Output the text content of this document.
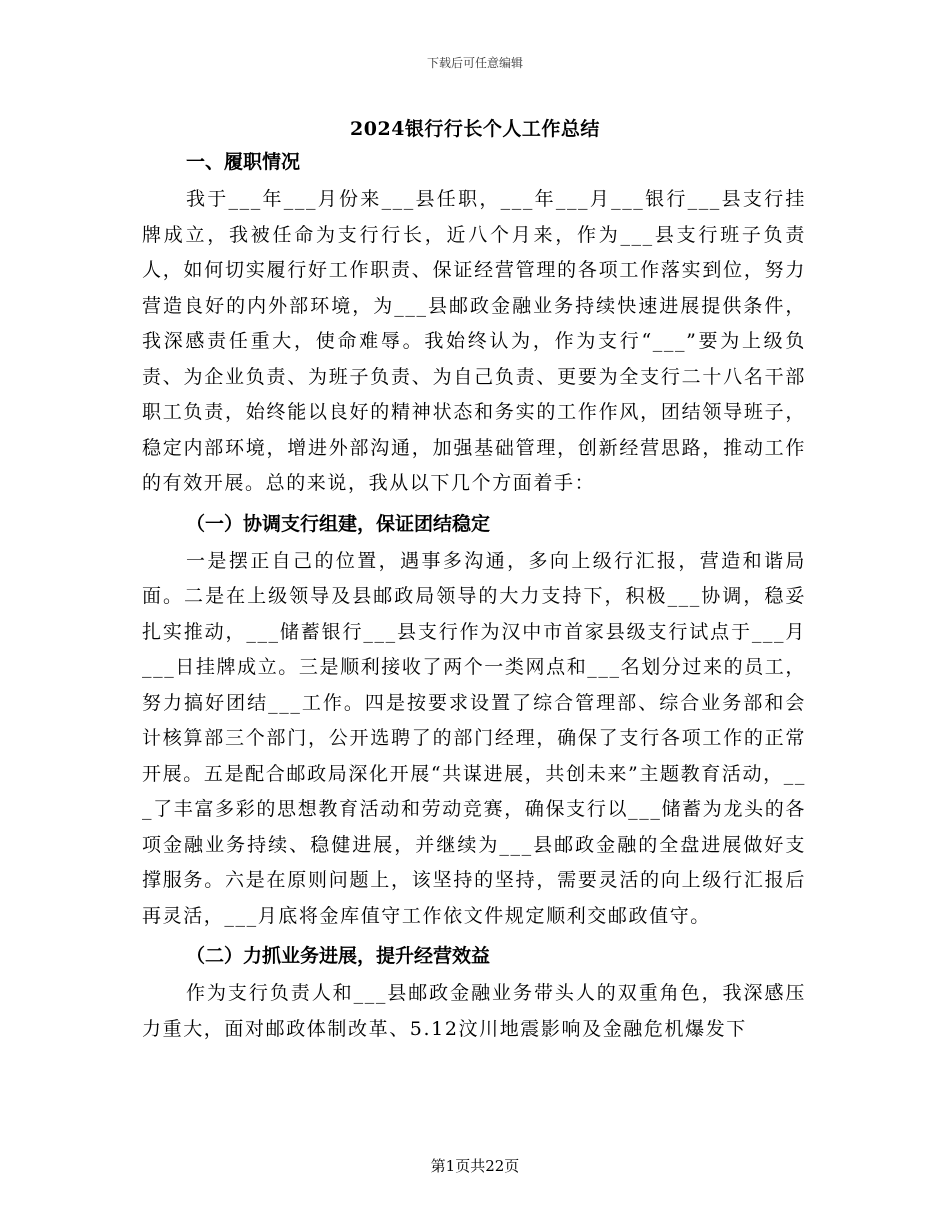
下载后可任意编辑
2024银行行长个人工作总结
一、履职情况

我于___年___月份来___县任职，___年___月___银行___县支行挂牌成立，我被任命为支行行长，近八个月来，作为___县支行班子负责人，如何切实履行好工作职责、保证经营管理的各项工作落实到位，努力营造良好的内外部环境，为___县邮政金融业务持续快速进展提供条件，我深感责任重大，使命难辱。我始终认为，作为支行“___”要为上级负责、为企业负责、为班子负责、为自己负责、更要为全支行二十八名干部职工负责，始终能以良好的精神状态和务实的工作作风，团结领导班子，稳定内部环境，增进外部沟通，加强基础管理，创新经营思路，推动工作的有效开展。总的来说，我从以下几个方面着手：

（一）协调支行组建，保证团结稳定

一是摆正自己的位置，遇事多沟通，多向上级行汇报，营造和谐局面。二是在上级领导及县邮政局领导的大力支持下，积极___协调，稳妥扎实推动，___储蓄银行___县支行作为汉中市首家县级支行试点于___月___日挂牌成立。三是顺利接收了两个一类网点和___名划分过来的员工，努力搞好团结___工作。四是按要求设置了综合管理部、综合业务部和会计核算部三个部门，公开选聘了的部门经理，确保了支行各项工作的正常开展。五是配合邮政局深化开展“共谋进展，共创未来”主题教育活动，___了丰富多彩的思想教育活动和劳动竞赛，确保支行以___储蓄为龙头的各项金融业务持续、稳健进展，并继续为___县邮政金融的全盘进展做好支撑服务。六是在原则问题上，该坚持的坚持，需要灵活的向上级行汇报后再灵活，___月底将金库值守工作依文件规定顺利交邮政值守。

（二）力抓业务进展，提升经营效益

作为支行负责人和___县邮政金融业务带头人的双重角色，我深感压力重大，面对邮政体制改革、5.12汶川地震影响及金融危机爆发下

第1页共22页
